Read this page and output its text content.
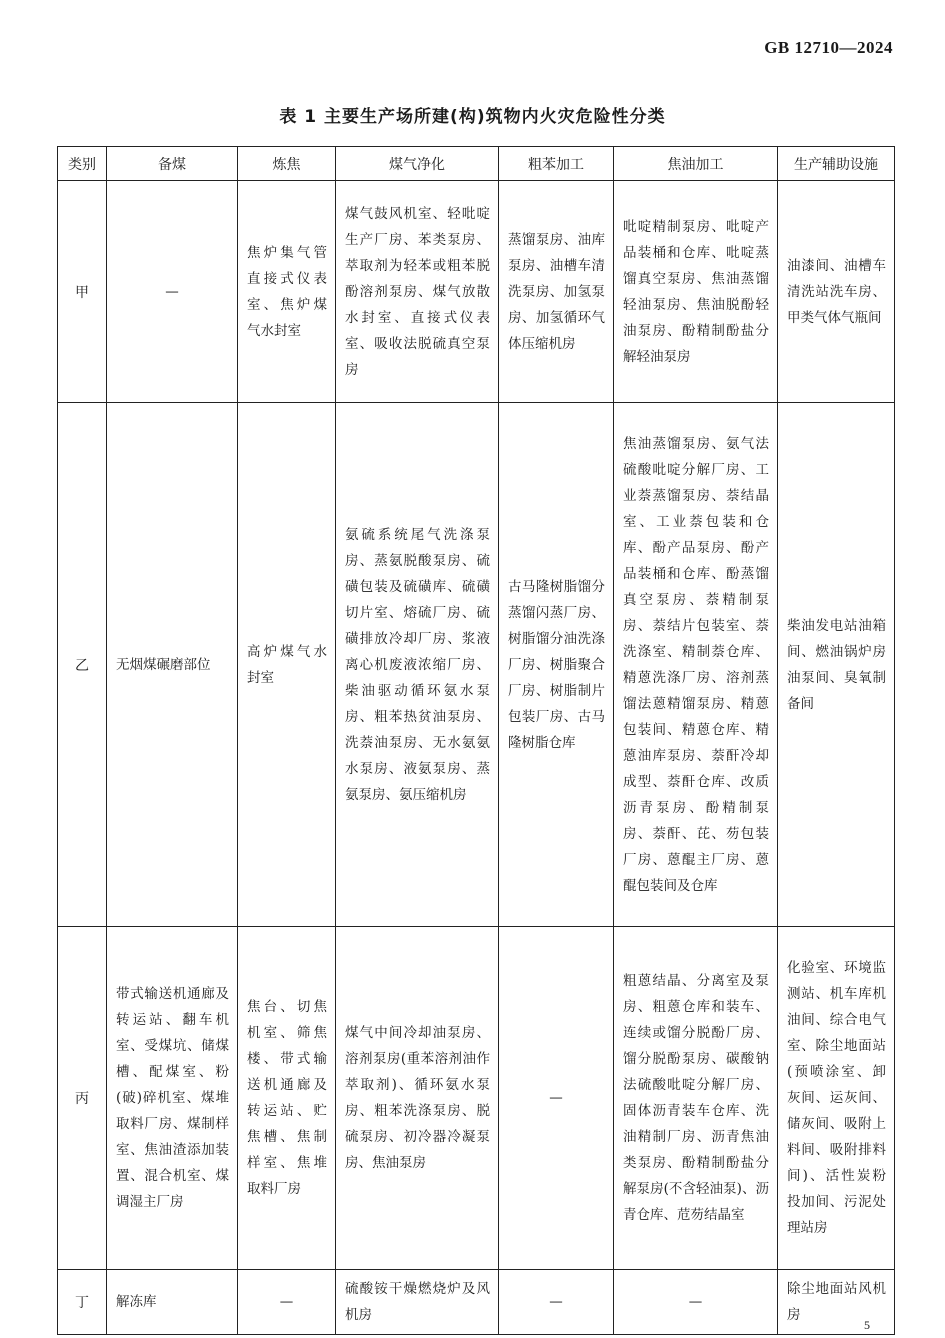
GB 12710—2024
表 1 主要生产场所建(构)筑物内火灾危险性分类
类别	备煤	炼焦	煤气净化	粗苯加工	焦油加工	生产辅助设施
甲	—	焦炉集气管直接式仪表室、焦炉煤气水封室	煤气鼓风机室、轻吡啶生产厂房、苯类泵房、萃取剂为轻苯或粗苯脱酚溶剂泵房、煤气放散水封室、直接式仪表室、吸收法脱硫真空泵房	蒸馏泵房、油库泵房、油槽车清洗泵房、加氢泵房、加氢循环气体压缩机房	吡啶精制泵房、吡啶产品装桶和仓库、吡啶蒸馏真空泵房、焦油蒸馏轻油泵房、焦油脱酚轻油泵房、酚精制酚盐分解轻油泵房	油漆间、油槽车清洗站洗车房、甲类气体气瓶间
乙	无烟煤碾磨部位	高炉煤气水封室	氨硫系统尾气洗涤泵房、蒸氨脱酸泵房、硫磺包装及硫磺库、硫磺切片室、熔硫厂房、硫磺排放冷却厂房、浆液离心机废液浓缩厂房、柴油驱动循环氨水泵房、粗苯热贫油泵房、洗萘油泵房、无水氨氨水泵房、液氨泵房、蒸氨泵房、氨压缩机房	古马隆树脂馏分蒸馏闪蒸厂房、树脂馏分油洗涤厂房、树脂聚合厂房、树脂制片包装厂房、古马隆树脂仓库	焦油蒸馏泵房、氨气法硫酸吡啶分解厂房、工业萘蒸馏泵房、萘结晶室、工业萘包装和仓库、酚产品泵房、酚产品装桶和仓库、酚蒸馏真空泵房、萘精制泵房、萘结片包装室、萘洗涤室、精制萘仓库、精蒽洗涤厂房、溶剂蒸馏法蒽精馏泵房、精蒽包装间、精蒽仓库、精蒽油库泵房、萘酐冷却成型、萘酐仓库、改质沥青泵房、酚精制泵房、萘酐、芘、芴包装厂房、蒽醌主厂房、蒽醌包装间及仓库	柴油发电站油箱间、燃油锅炉房油泵间、臭氧制备间
丙	带式输送机通廊及转运站、翻车机室、受煤坑、储煤槽、配煤室、粉(破)碎机室、煤堆取料厂房、煤制样室、焦油渣添加装置、混合机室、煤调湿主厂房	焦台、切焦机室、筛焦楼、带式输送机通廊及转运站、贮焦槽、焦制样室、焦堆取料厂房	煤气中间冷却油泵房、溶剂泵房(重苯溶剂油作萃取剂)、循环氨水泵房、粗苯洗涤泵房、脱硫泵房、初冷器冷凝泵房、焦油泵房	—	粗蒽结晶、分离室及泵房、粗蒽仓库和装车、连续或馏分脱酚厂房、馏分脱酚泵房、碳酸钠法硫酸吡啶分解厂房、固体沥青装车仓库、洗油精制厂房、沥青焦油类泵房、酚精制酚盐分解泵房(不含轻油泵)、沥青仓库、苊芴结晶室	化验室、环境监测站、机车库机油间、综合电气室、除尘地面站(预喷涂室、卸灰间、运灰间、储灰间、吸附上料间、吸附排料间)、活性炭粉投加间、污泥处理站房
丁	解冻库	—	硫酸铵干燥燃烧炉及风机房	—	—	除尘地面站风机房
5
